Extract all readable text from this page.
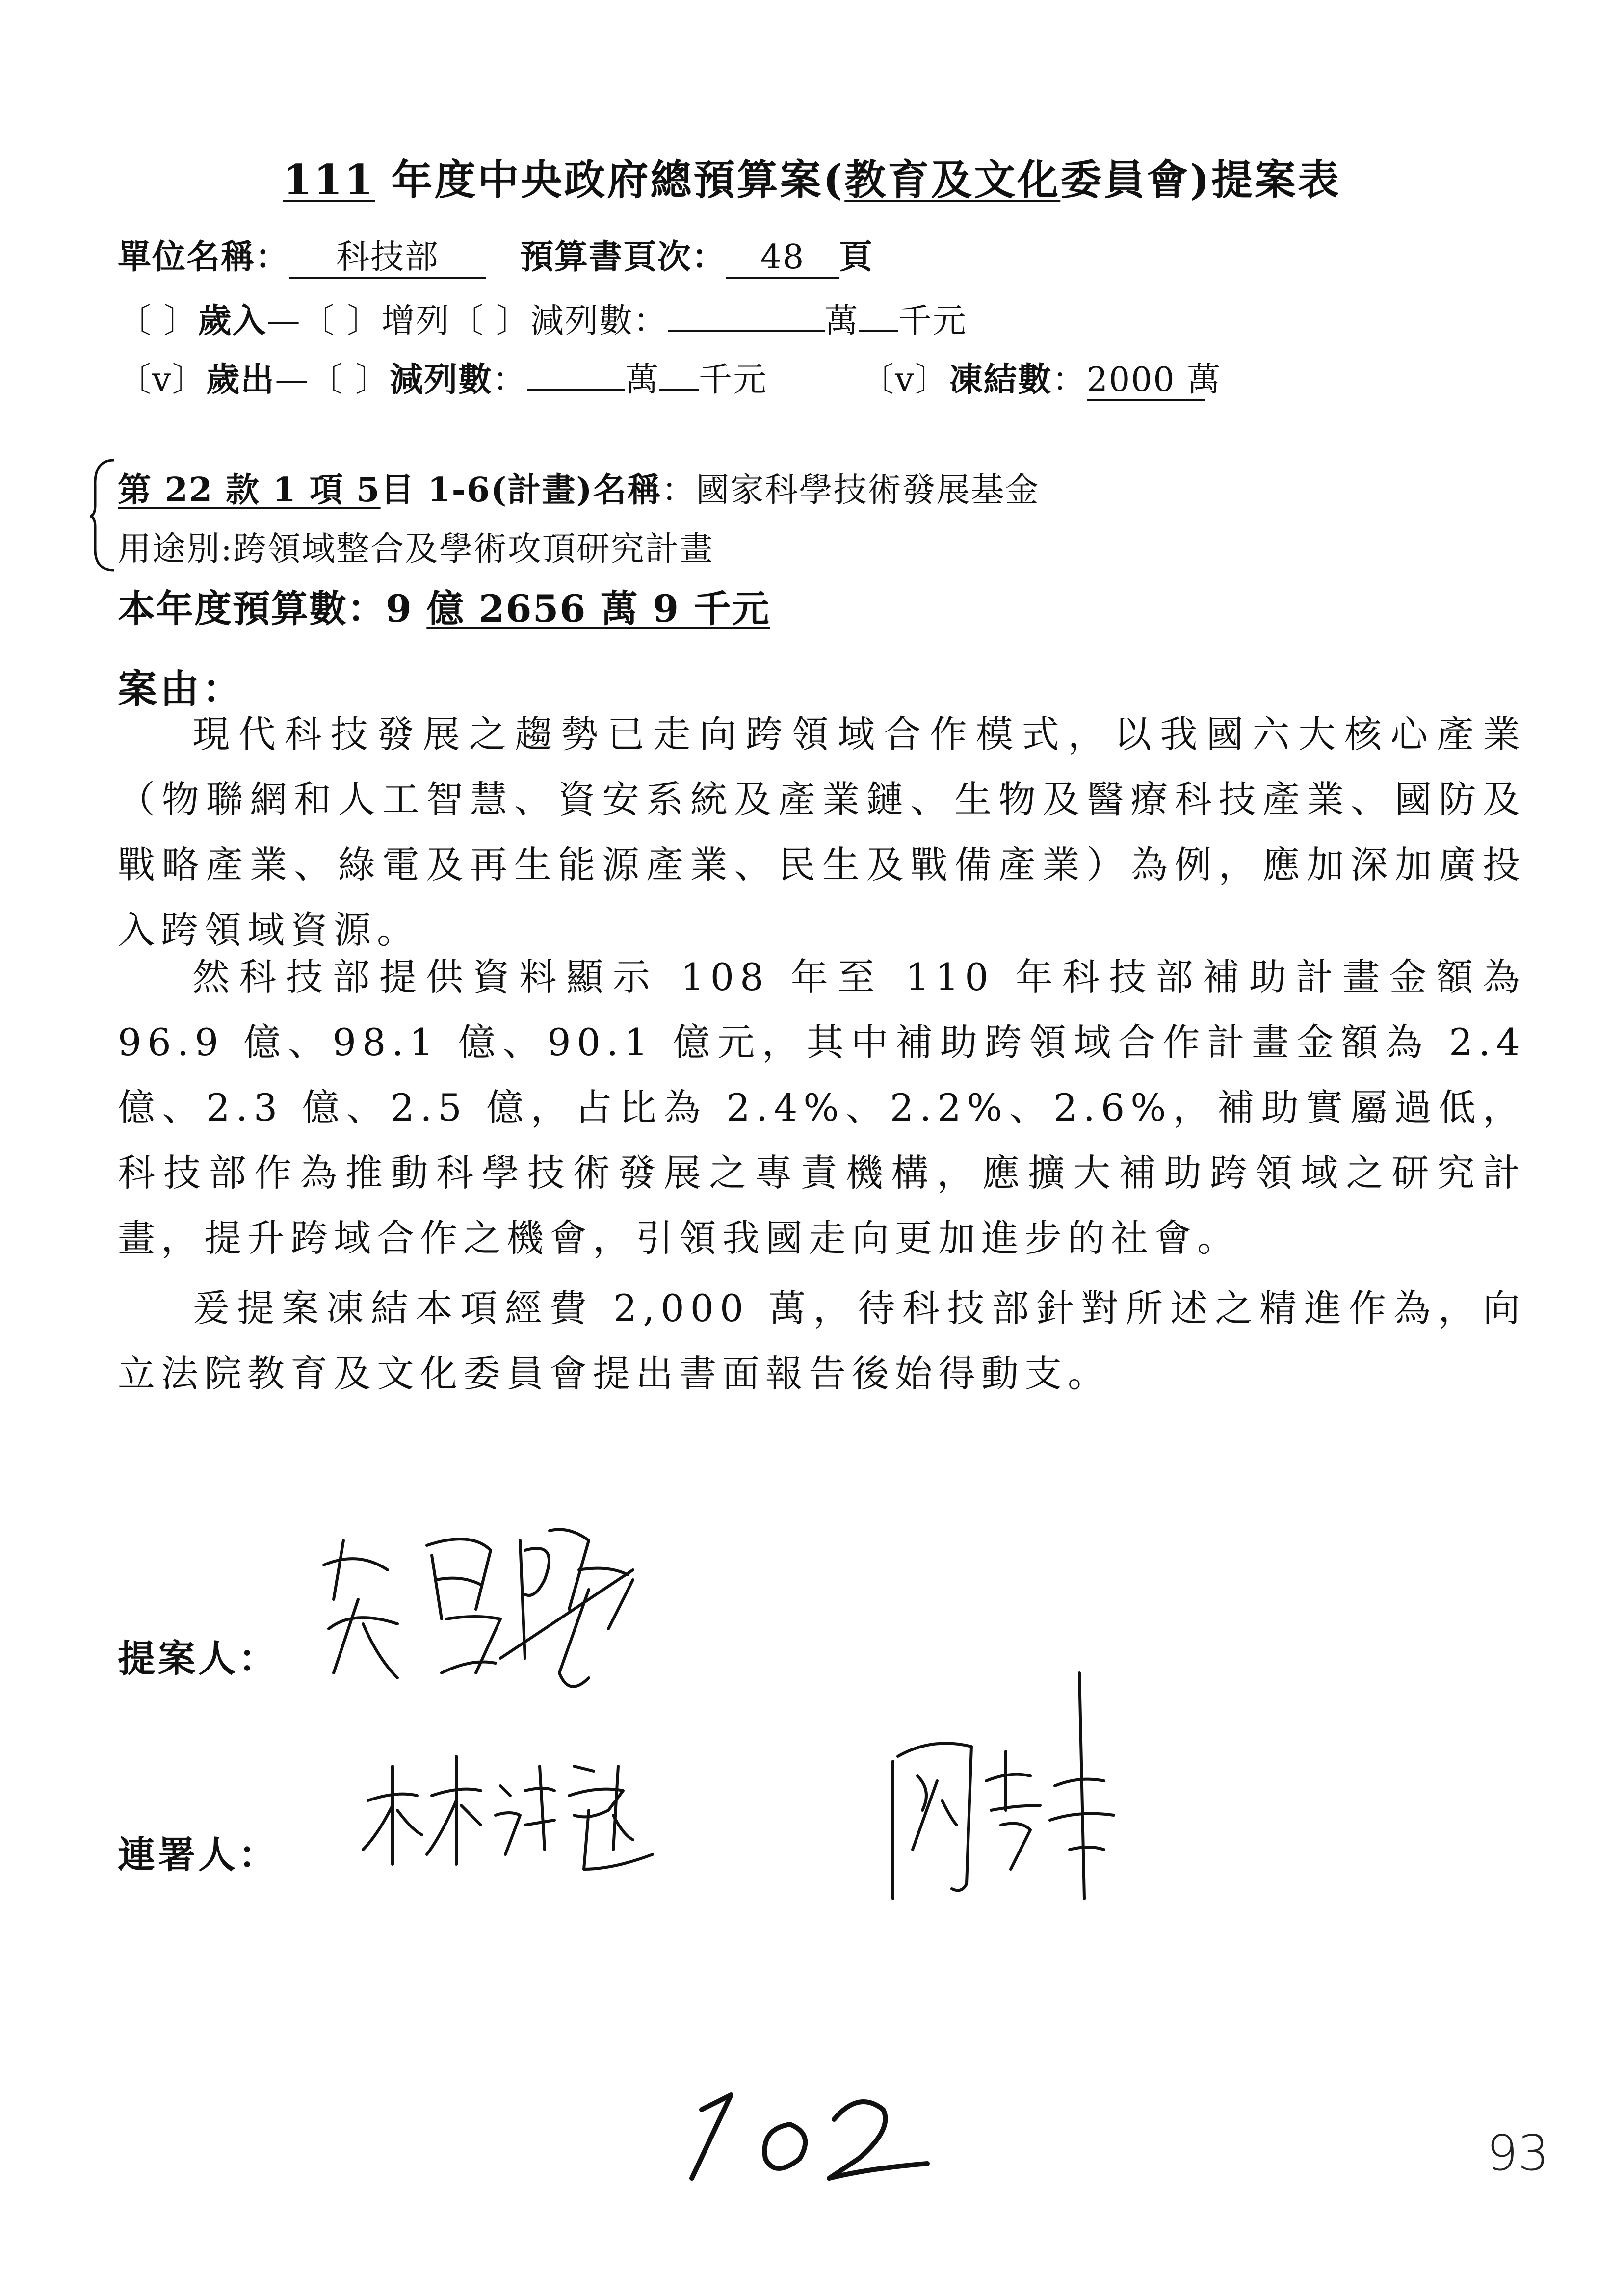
111 年度中央政府總預算案(教育及文化委員會)提案表
單位名稱： 科技部 預算書頁次： 48 頁
〔 〕歲入—〔 〕增列〔 〕減列數：	萬 千元
〔v〕歲出—〔 〕減列數：	萬 千元	〔v〕凍結數：2000 萬
第 22 款 1 項 5目 1-6(計畫)名稱：國家科學技術發展基金
用途別:跨領域整合及學術攻頂研究計畫
本年度預算數：9 億 2656 萬 9 千元
案由：
現代科技發展之趨勢已走向跨領域合作模式，以我國六大核心產業（物聯網和人工智慧、資安系統及產業鏈、生物及醫療科技產業、國防及戰略產業、綠電及再生能源產業、民生及戰備產業）為例，應加深加廣投入跨領域資源。
然科技部提供資料顯示 108 年至 110 年科技部補助計畫金額為 96.9 億、98.1 億、90.1 億元，其中補助跨領域合作計畫金額為 2.4 億、2.3 億、2.5 億，占比為 2.4%、2.2%、2.6%，補助實屬過低，科技部作為推動科學技術發展之專責機構，應擴大補助跨領域之研究計畫，提升跨域合作之機會，引領我國走向更加進步的社會。
爰提案凍結本項經費 2,000 萬，待科技部針對所述之精進作為，向立法院教育及文化委員會提出書面報告後始得動支。
提案人：
連署人：
93
